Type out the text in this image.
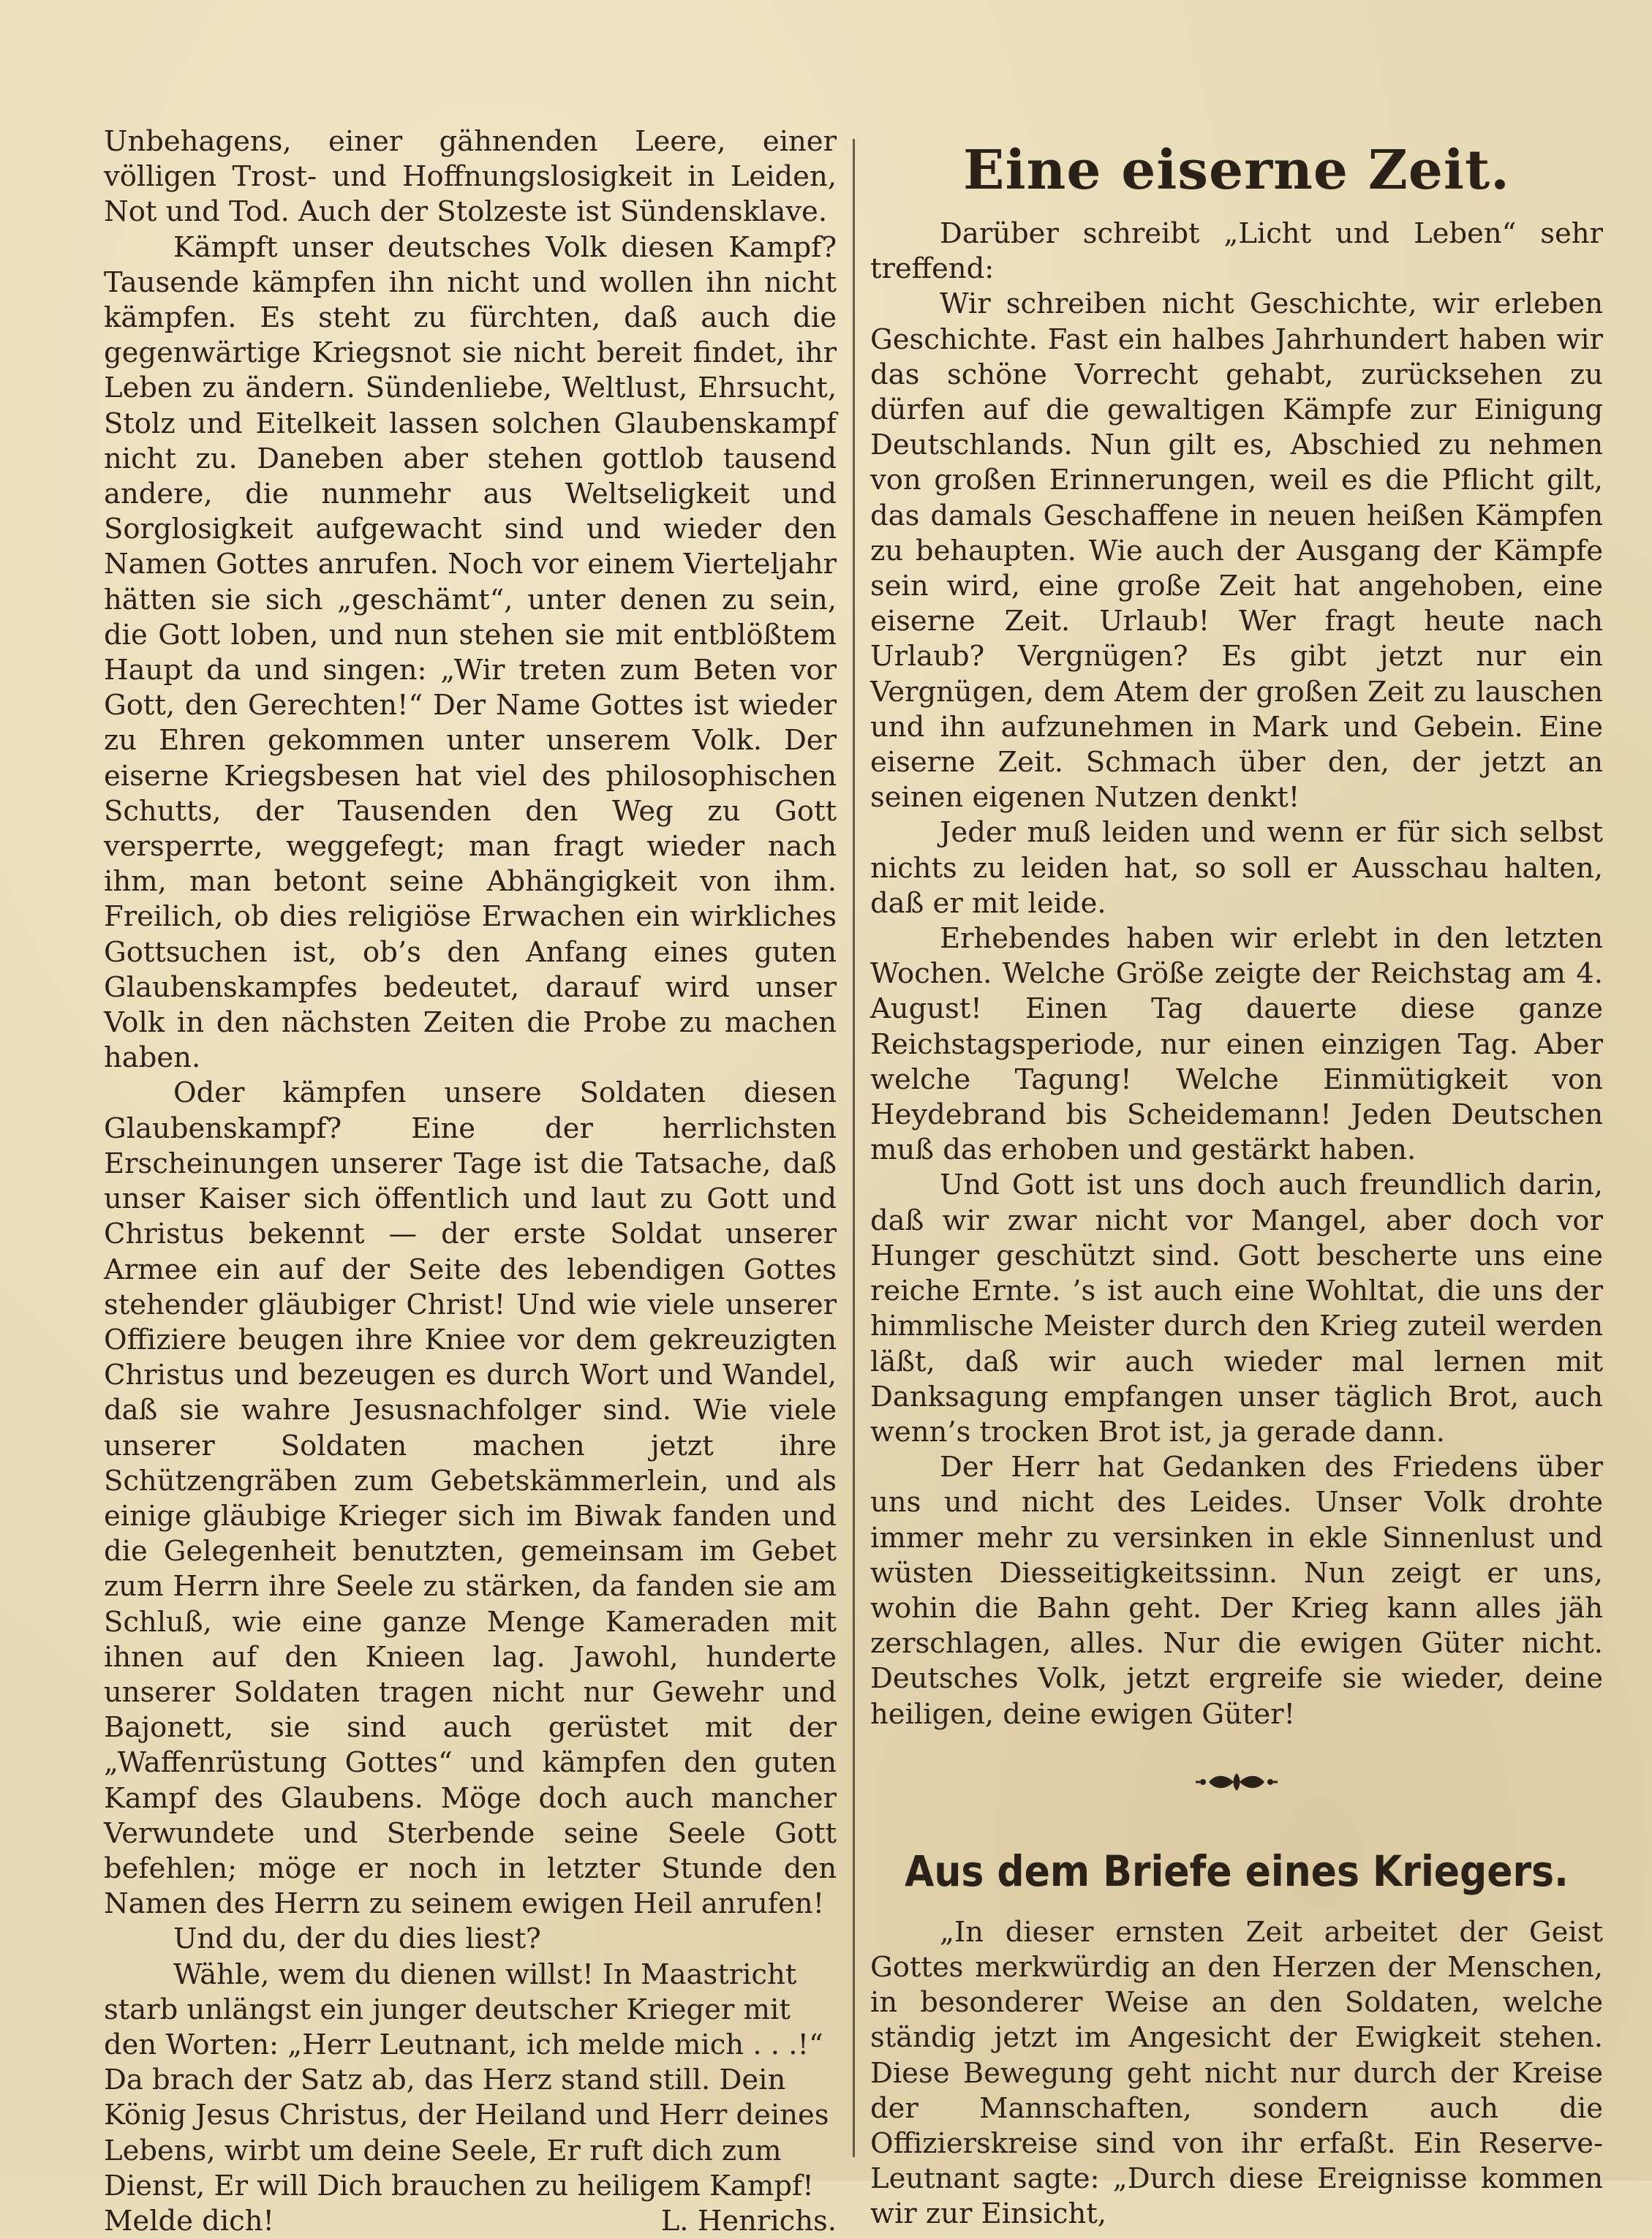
Unbehagens, einer gähnenden Leere, einer völligen Trost- und Hoffnungslosigkeit in Leiden, Not und Tod. Auch der Stolzeste ist Sündensklave.

Kämpft unser deutsches Volk diesen Kampf? Tausende kämpfen ihn nicht und wollen ihn nicht kämpfen. Es steht zu fürchten, daß auch die gegenwärtige Kriegsnot sie nicht bereit findet, ihr Leben zu ändern. Sündenliebe, Weltlust, Ehrsucht, Stolz und Eitelkeit lassen solchen Glaubenskampf nicht zu. Daneben aber stehen gottlob tausend andere, die nunmehr aus Weltseligkeit und Sorglosigkeit aufgewacht sind und wieder den Namen Gottes anrufen. Noch vor einem Vierteljahr hätten sie sich „geschämt“, unter denen zu sein, die Gott loben, und nun stehen sie mit entblößtem Haupt da und singen: „Wir treten zum Beten vor Gott, den Gerechten!“ Der Name Gottes ist wieder zu Ehren gekommen unter unserem Volk. Der eiserne Kriegsbesen hat viel des philosophischen Schutts, der Tausenden den Weg zu Gott versperrte, weggefegt; man fragt wieder nach ihm, man betont seine Abhängigkeit von ihm. Freilich, ob dies religiöse Erwachen ein wirkliches Gottsuchen ist, ob’s den Anfang eines guten Glaubenskampfes bedeutet, darauf wird unser Volk in den nächsten Zeiten die Probe zu machen haben.

Oder kämpfen unsere Soldaten diesen Glaubenskampf? Eine der herrlichsten Erscheinungen unserer Tage ist die Tatsache, daß unser Kaiser sich öffentlich und laut zu Gott und Christus bekennt — der erste Soldat unserer Armee ein auf der Seite des lebendigen Gottes stehender gläubiger Christ! Und wie viele unserer Offiziere beugen ihre Kniee vor dem gekreuzigten Christus und bezeugen es durch Wort und Wandel, daß sie wahre Jesusnachfolger sind. Wie viele unserer Soldaten machen jetzt ihre Schützengräben zum Gebetskämmerlein, und als einige gläubige Krieger sich im Biwak fanden und die Gelegenheit benutzten, gemeinsam im Gebet zum Herrn ihre Seele zu stärken, da fanden sie am Schluß, wie eine ganze Menge Kameraden mit ihnen auf den Knieen lag. Jawohl, hunderte unserer Soldaten tragen nicht nur Gewehr und Bajonett, sie sind auch gerüstet mit der „Waffenrüstung Gottes“ und kämpfen den guten Kampf des Glaubens. Möge doch auch mancher Verwundete und Sterbende seine Seele Gott befehlen; möge er noch in letzter Stunde den Namen des Herrn zu seinem ewigen Heil anrufen!

Und du, der du dies liest?

Wähle, wem du dienen willst! In Maastricht starb unlängst ein junger deutscher Krieger mit den Worten: „Herr Leutnant, ich melde mich . . .!“ Da brach der Satz ab, das Herz stand still. Dein König Jesus Christus, der Heiland und Herr deines Lebens, wirbt um deine Seele, Er ruft dich zum Dienst, Er will Dich brauchen zu heiligem Kampf! Melde dich!	L. Henrichs.

Eine eiserne Zeit.

Darüber schreibt „Licht und Leben“ sehr treffend:

Wir schreiben nicht Geschichte, wir erleben Geschichte. Fast ein halbes Jahrhundert haben wir das schöne Vorrecht gehabt, zurücksehen zu dürfen auf die gewaltigen Kämpfe zur Einigung Deutschlands. Nun gilt es, Abschied zu nehmen von großen Erinnerungen, weil es die Pflicht gilt, das damals Geschaffene in neuen heißen Kämpfen zu behaupten. Wie auch der Ausgang der Kämpfe sein wird, eine große Zeit hat angehoben, eine eiserne Zeit. Urlaub! Wer fragt heute nach Urlaub? Vergnügen? Es gibt jetzt nur ein Vergnügen, dem Atem der großen Zeit zu lauschen und ihn aufzunehmen in Mark und Gebein. Eine eiserne Zeit. Schmach über den, der jetzt an seinen eigenen Nutzen denkt!

Jeder muß leiden und wenn er für sich selbst nichts zu leiden hat, so soll er Ausschau halten, daß er mit leide.

Erhebendes haben wir erlebt in den letzten Wochen. Welche Größe zeigte der Reichstag am 4. August! Einen Tag dauerte diese ganze Reichstagsperiode, nur einen einzigen Tag. Aber welche Tagung! Welche Einmütigkeit von Heydebrand bis Scheidemann! Jeden Deutschen muß das erhoben und gestärkt haben.

Und Gott ist uns doch auch freundlich darin, daß wir zwar nicht vor Mangel, aber doch vor Hunger geschützt sind. Gott bescherte uns eine reiche Ernte. ’s ist auch eine Wohltat, die uns der himmlische Meister durch den Krieg zuteil werden läßt, daß wir auch wieder mal lernen mit Danksagung empfangen unser täglich Brot, auch wenn’s trocken Brot ist, ja gerade dann.

Der Herr hat Gedanken des Friedens über uns und nicht des Leides. Unser Volk drohte immer mehr zu versinken in ekle Sinnenlust und wüsten Diesseitigkeitssinn. Nun zeigt er uns, wohin die Bahn geht. Der Krieg kann alles jäh zerschlagen, alles. Nur die ewigen Güter nicht. Deutsches Volk, jetzt ergreife sie wieder, deine heiligen, deine ewigen Güter!

Aus dem Briefe eines Kriegers.

„In dieser ernsten Zeit arbeitet der Geist Gottes merkwürdig an den Herzen der Menschen, in besonderer Weise an den Soldaten, welche ständig jetzt im Angesicht der Ewigkeit stehen. Diese Bewegung geht nicht nur durch der Kreise der Mannschaften, sondern auch die Offizierskreise sind von ihr erfaßt. Ein Reserve-Leutnant sagte: „Durch diese Ereignisse kommen wir zur Einsicht,
